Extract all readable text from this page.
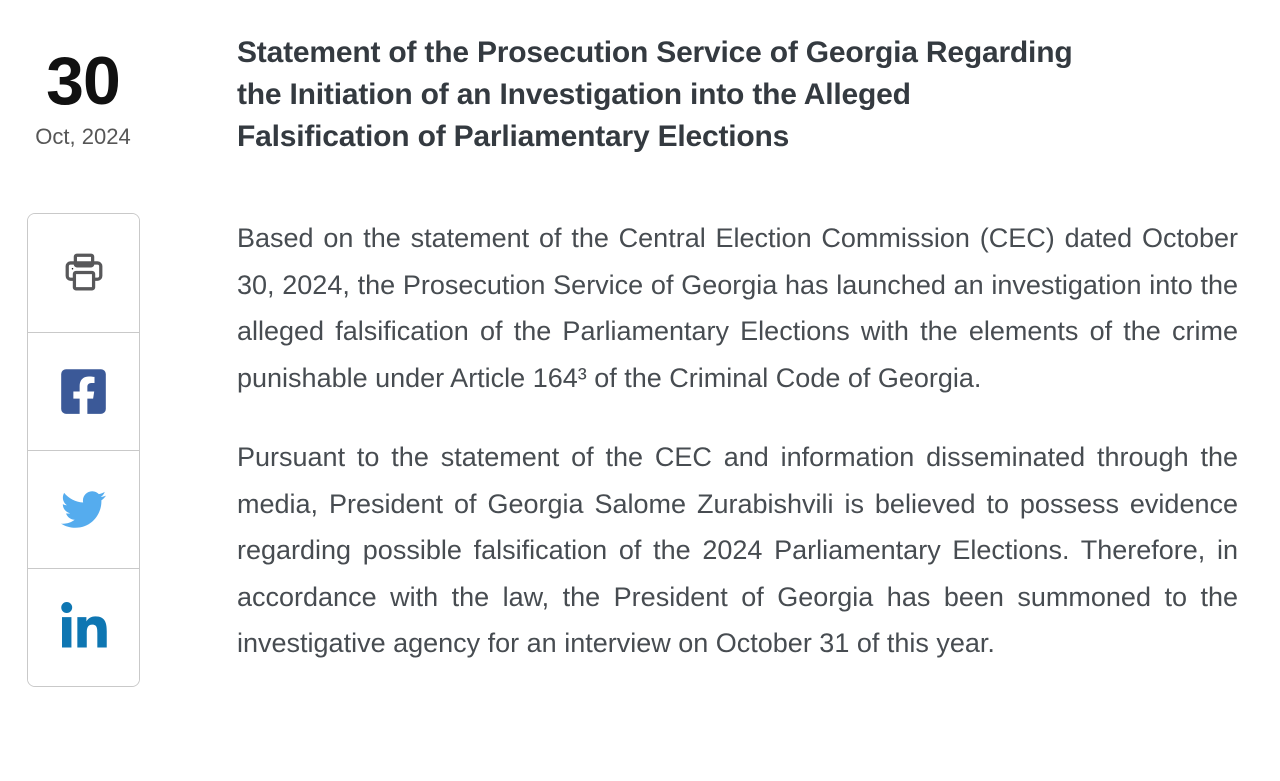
30
Oct, 2024
Statement of the Prosecution Service of Georgia Regarding
the Initiation of an Investigation into the Alleged
Falsification of Parliamentary Elections

Based on the statement of the Central Election Commission (CEC) dated October 30, 2024, the Prosecution Service of Georgia has launched an investigation into the alleged falsification of the Parliamentary Elections with the elements of the crime punishable under Article 164³ of the Criminal Code of Georgia.

Pursuant to the statement of the CEC and information disseminated through the media, President of Georgia Salome Zurabishvili is believed to possess evidence regarding possible falsification of the 2024 Parliamentary Elections. Therefore, in accordance with the law, the President of Georgia has been summoned to the investigative agency for an interview on October 31 of this year.
